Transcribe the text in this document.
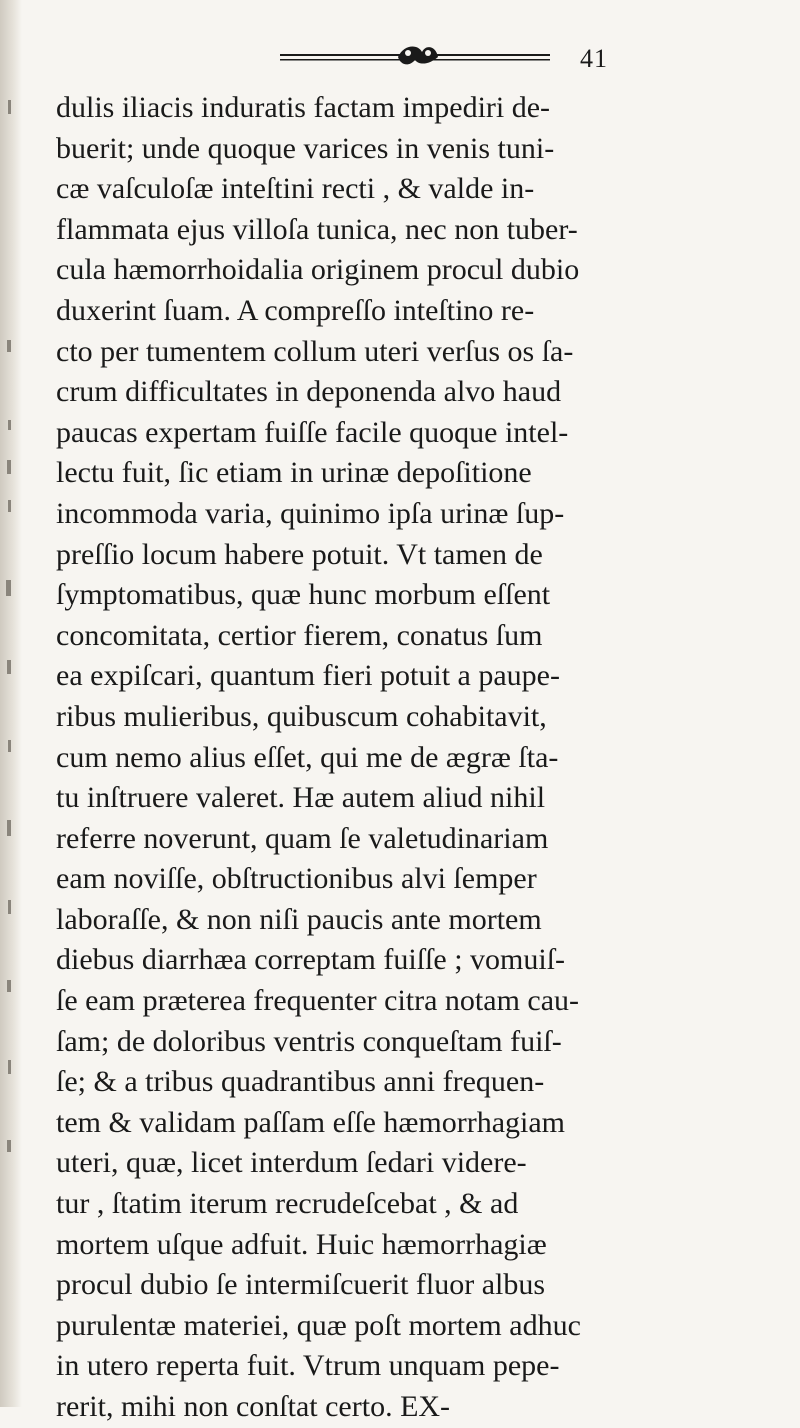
41
dulis iliacis induratis factam impediri de-
buerit; unde quoque varices in venis tuni-
cæ vaſculoſæ inteſtini recti , & valde in-
flammata ejus villoſa tunica, nec non tuber-
cula hæmorrhoidalia originem procul dubio
duxerint ſuam. A compreſſo inteſtino re-
cto per tumentem collum uteri verſus os ſa-
crum difficultates in deponenda alvo haud
paucas expertam fuiſſe facile quoque intel-
lectu fuit, ſic etiam in urinæ depoſitione
incommoda varia, quinimo ipſa urinæ ſup-
preſſio locum habere potuit. Vt tamen de
ſymptomatibus, quæ hunc morbum eſſent
concomitata, certior fierem, conatus ſum
ea expiſcari, quantum fieri potuit a paupe-
ribus mulieribus, quibuscum cohabitavit,
cum nemo alius eſſet, qui me de ægræ ſta-
tu inſtruere valeret. Hæ autem aliud nihil
referre noverunt, quam ſe valetudinariam
eam noviſſe, obſtructionibus alvi ſemper
laboraſſe, & non niſi paucis ante mortem
diebus diarrhæa correptam fuiſſe ; vomuiſ-
ſe eam præterea frequenter citra notam cau-
ſam; de doloribus ventris conqueſtam fuiſ-
ſe; & a tribus quadrantibus anni frequen-
tem & validam paſſam eſſe hæmorrhagiam
uteri, quæ, licet interdum ſedari videre-
tur , ſtatim iterum recrudeſcebat , & ad
mortem uſque adfuit. Huic hæmorrhagiæ
procul dubio ſe intermiſcuerit fluor albus
purulentæ materiei, quæ poſt mortem adhuc
in utero reperta fuit. Vtrum unquam pepe-
rerit, mihi non conſtat certo. EX-
